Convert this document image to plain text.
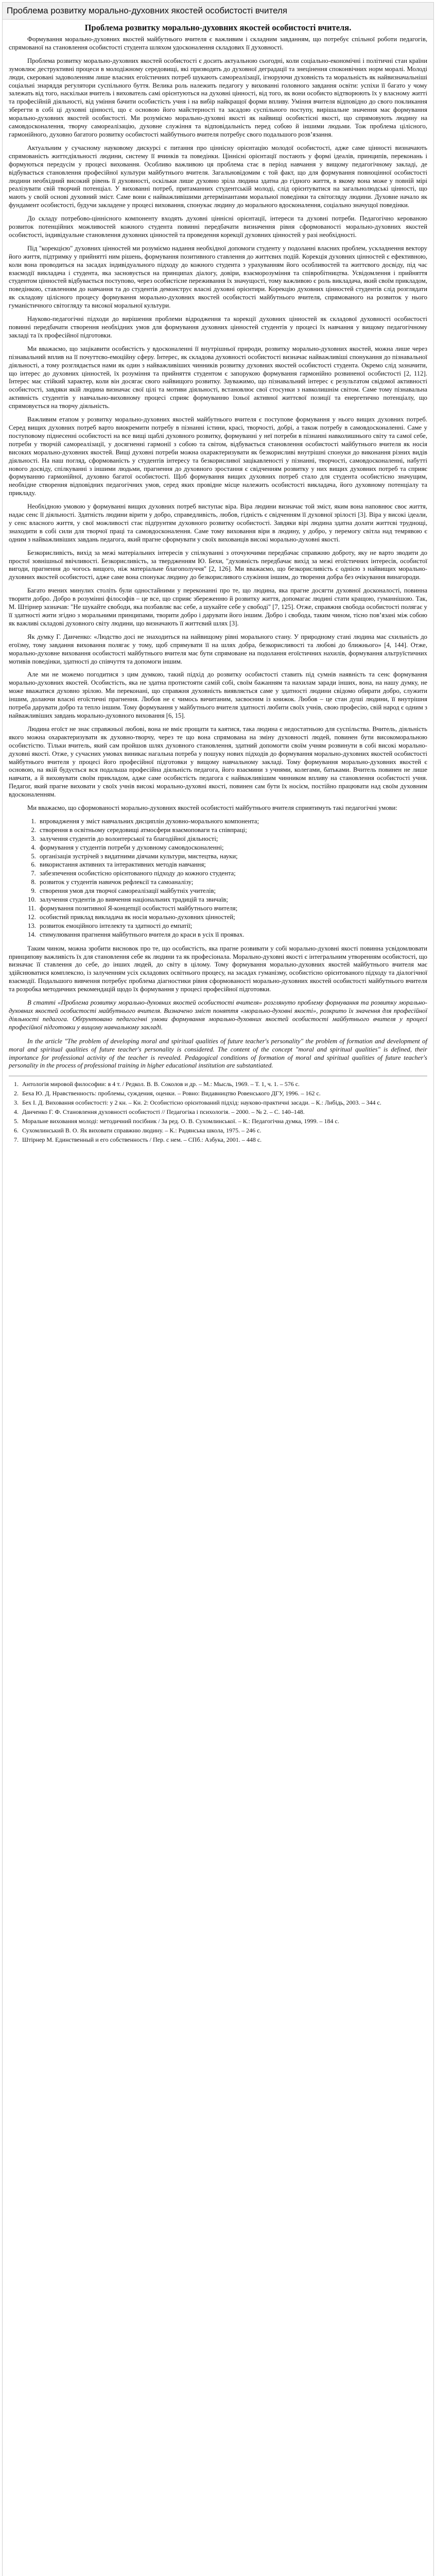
Проблема розвитку морально-духовних якостей особистості вчителя
Проблема розвитку морально-духовних якостей особистості вчителя.

Формування морально-духовних якостей майбутнього вчителя є важливим і складним завданням, що потребує спільної роботи педагогів, спрямованої на становлення особистості студента шляхом удосконалення складових її духовності.

Проблема розвитку морально-духовних якостей особистості є досить актуальною сьогодні, коли соціально-економічні і політичні стан країни зумовлює деструктивні процеси в молодіжному середовищі, які призводять до духовної деградації та знецінення споконвічних норм моралі. Молоді люди, скеровані задоволенням лише власних егоїстичних потреб шукають самореалізації, ігноруючи духовність та моральність як найвизначальніші соціальні знаряддя регулятори суспільного буття. Велика роль належить педагогу у вихованні головного завдання освіти: успіхи її багато у чому залежать від того, наскільки вчитель і вихователь самі орієнтуються на духовні цінності, від того, як вони особисто відтворюють їх у власному житті та професійній діяльності, від уміння бачити особистість учня і на вибір найкращої форми впливу. Уміння вчителя відповідно до свого покликання зберегти в собі ці духовні цінності, що є основою його майстерності та засадою суспільного поступу, вирішальне значення має формування морально-духовних якостей особистості. Ми розуміємо морально-духовні якості як найвищі особистісні якості, що спрямовують людину на самовдосконалення, творчу самореалізацію, духовне служіння та відповідальність перед собою й іншими людьми. Тож проблема цілісного, гармонійного, духовно багатого розвитку особистості майбутнього вчителя потребує свого подальшого розв’язання.

Актуальним у сучасному науковому дискурсі є питання про ціннісну орієнтацію молодої особистості, адже саме цінності визначають спрямованість життєдіяльності людини, систему її вчинків та поведінки. Ціннісні орієнтації постають у формі ідеалів, принципів, переконань і формуються передусім у процесі виховання. Особливо важливою ця проблема стає в період навчання у вищому педагогічному закладі, де відбувається становлення професійної культури майбутнього вчителя. Загальновідомим є той факт, що для формування повноцінної особистості людини необхідний високий рівень її духовності, оскільки лише духовно зріла людина здатна до гідного життя, в якому вона може у повній мірі реалізувати свій творчий потенціал. У вихованні потреб, притаманних студентській молоді, слід орієнтуватися на загальнолюдські цінності, що мають у своїй основі духовний зміст. Саме вони є найважливішими детермінантами моральної поведінки та світогляду людини. Духовне начало як фундамент особистості, будучи закладене у процесі виховання, спонукає людину до морального вдосконалення, соціально значущої поведінки.

До складу потребово-ціннісного компоненту входять духовні ціннісні орієнтації, інтереси та духовні потреби. Педагогічно керованою розвиток потенційних можливостей кожного студента повинні передбачати визначення рівня сформованості морально-духовних якостей особистості, індивідуальне становлення духовних цінностей та проведення корекції духовних цінностей у разі необхідності.

Під "корекцією" духовних цінностей ми розуміємо надання необхідної допомоги студенту у подоланні власних проблем, ускладнення вектору його життя, підтримку у прийнятті ним рішень, формування позитивного ставлення до життєвих подій. Корекція духовних цінностей є ефективною, коли вона проводиться на засадах індивідуального підходу до кожного студента з урахуванням його особливостей та життєвого досвіду, під час взаємодії викладача і студента, яка засновується на принципах діалогу, довіри, взаєморозуміння та співробітництва. Усвідомлення і прийняття студентом цінностей відбувається поступово, через особистісне переживання їх значущості, тому важливою є роль викладача, який своїм прикладом, поведінкою, ставленням до навчання та до студентів демонструє власні духовні орієнтири. Корекцію духовних цінностей студентів слід розглядати як складову цілісного процесу формування морально-духовних якостей особистості майбутнього вчителя, спрямованого на розвиток у нього гуманістичного світогляду та високої моральної культури.

Науково-педагогічні підходи до вирішення проблеми відродження та корекції духовних цінностей як складової духовності особистості повинні передбачати створення необхідних умов для формування духовних цінностей студентів у процесі їх навчання у вищому педагогічному закладі та їх професійної підготовки.

Ми вважаємо, що зацікавити особистість у вдосконаленні її внутрішньої природи, розвитку морально-духовних якостей, можна лише через пізнавальний вплив на її почуттєво-емоційну сферу. Інтерес, як складова духовності особистості визначає найважливіші спонукання до пізнавальної діяльності, а тому розглядається нами як один з найважливіших чинників розвитку духовних якостей особистості студента. Окремо слід зазначити, що інтерес до духовних цінностей, їх розуміння та прийняття студентом є запорукою формування гармонійно розвиненої особистості [2, 112]. Інтерес має стійкий характер, коли він досягає свого найвищого розвитку. Зауважимо, що пізнавальний інтерес є результатом свідомої активності особистості, завдяки якій людина визначає свої цілі та мотиви діяльності, встановлює свої стосунки з навколишнім світом. Саме тому пізнавальна активність студентів у навчально-виховному процесі сприяє формуванню їхньої активної життєвої позиції та енергетично потенціалу, що спрямовується на творчу діяльність.

Важливим етапом у розвитку морально-духовних якостей майбутнього вчителя є поступове формування у нього вищих духовних потреб. Серед вищих духовних потреб варто виокремити потребу в пізнанні істини, красі, творчості, добрі, а також потребу в самовдосконаленні. Саме у поступовому піднесенні особистості на все вищі щаблі духовного розвитку, формуванні у неї потреби в пізнанні навколишнього світу та самої себе, потреби у творчій самореалізації, у досягненні гармонії з собою та світом, відбувається становлення особистості майбутнього вчителя як носія високих морально-духовних якостей. Вищі духовні потреби можна охарактеризувати як безкорисливі внутрішні спонуки до виконання різних видів діяльності. На наш погляд, сформованість у студентів інтересу та безкорисливої зацікавленості у пізнанні, творчості, самовдосконаленні, набутті нового досвіду, спілкуванні з іншими людьми, прагнення до духовного зростання є свідченням розвитку у них вищих духовних потреб та сприяє формуванню гармонійної, духовно багатої особистості. Щоб формування вищих духовних потреб стало для студента особистісно значущим, необхідне створення відповідних педагогічних умов, серед яких провідне місце належить особистості викладача, його духовному потенціалу та прикладу.

Необхідною умовою у формуванні вищих духовних потреб виступає віра. Віра людини визначає той зміст, яким вона наповнює своє життя, надає сенс її діяльності. Здатність людини вірити у добро, справедливість, любов, гідність є свідченням її духовної зрілості [3]. Віра у високі ідеали, у сенс власного життя, у свої можливості стає підґрунтям духовного розвитку особистості. Завдяки вірі людина здатна долати життєві труднощі, знаходити в собі сили для творчої праці та самовдосконалення. Саме тому виховання віри в людину, у добро, у перемогу світла над темрявою є одним з найважливіших завдань педагога, який прагне сформувати у своїх вихованців високі морально-духовні якості.

Безкорисливість, вихід за межі матеріальних інтересів у спілкуванні з оточуючими передбачає справжню доброту, яку не варто зводити до простої зовнішньої ввічливості. Безкорисливість, за твердженням Ю. Бехи, "духовність передбачає вихід за межі егоїстичних інтересів, особистої вигоди, прагнення до чогось вищого, ніж матеріальне благополуччя" [2, 126]. Ми вважаємо, що безкорисливість є однією з найвищих морально-духовних якостей особистості, адже саме вона спонукає людину до безкорисливого служіння іншим, до творення добра без очікування винагороди.

Багато вчених минулих століть були одностайними у переконанні про те, що людина, яка прагне досягти духовної досконалості, повинна творити добро. Добро в розумінні філософів – це все, що сприяє збереженню й розвитку життя, допомагає людині стати кращою, гуманнішою. Так, М. Штірнер зазначав: "Не шукайте свободи, яка позбавляє вас себе, а шукайте себе у свободі" [7, 125]. Отже, справжня свобода особистості полягає у її здатності жити згідно з моральними принципами, творити добро і дарувати його іншим. Добро і свобода, таким чином, тісно пов’язані між собою як важливі складові духовного світу людини, що визначають її життєвий шлях [3].

Як думку Г. Данченко: «Людство досі не знаходиться на найвищому рівні морального стану. У природному стані людина має схильність до егоїзму, тому завдання виховання полягає у тому, щоб спрямувати її на шлях добра, безкорисливості та любові до ближнього» [4, 144]. Отже, морально-духовне виховання особистості майбутнього вчителя має бути спрямоване на подолання егоїстичних нахилів, формування альтруїстичних мотивів поведінки, здатності до співчуття та допомоги іншим.

Але ми не можемо погодитися з цим думкою, такий підхід до розвитку особистості ставить під сумнів наявність та сенс формування морально-духовних якостей. Особистість, яка не здатна протистояти самій собі, своїм бажанням та нахилам заради інших, вона, на нашу думку, не може вважатися духовно зрілою. Ми переконані, що справжня духовність виявляється саме у здатності людини свідомо обирати добро, служити іншим, долаючи власні егоїстичні прагнення. Любов не є чимось вичитаним, засвоєним із книжок. Любов – це стан душі людини, її внутрішня потреба дарувати добро та тепло іншим. Тому формування у майбутнього вчителя здатності любити своїх учнів, свою професію, свій народ є одним з найважливіших завдань морально-духовного виховання [6, 15].

Людина егоїст не знає справжньої любові, вона не вміє прощати та каятися, така людина є недостатньою для суспільства. Вчитель, діяльність якого можна охарактеризувати як духовно-творчу, через те що вона спрямована на зміну духовності людей, повинен бути високоморальною особистістю. Тільки вчитель, який сам пройшов шлях духовного становлення, здатний допомогти своїм учням розвинути в собі високі морально-духовні якості. Отже, у сучасних умовах виникає нагальна потреба у пошуку нових підходів до формування морально-духовних якостей особистості майбутнього вчителя у процесі його професійної підготовки у вищому навчальному закладі. Тому формування морально-духовних якостей є основою, на якій будується вся подальша професійна діяльність педагога, його взаємини з учнями, колегами, батьками. Вчитель повинен не лише навчати, а й виховувати своїм прикладом, адже саме особистість педагога є найважливішим чинником впливу на становлення особистості учня. Педагог, який прагне виховати у своїх учнів високі морально-духовні якості, повинен сам бути їх носієм, постійно працювати над своїм духовним вдосконаленням.

Ми вважаємо, що сформованості морально-духовних якостей особистості майбутнього вчителя сприятимуть такі педагогічні умови:

1. впровадження у зміст навчальних дисциплін духовно-морального компонента;
2. створення в освітньому середовищі атмосфери взаємоповаги та співпраці;
3. залучення студентів до волонтерської та благодійної діяльності;
4. формування у студентів потреби у духовному самовдосконаленні;
5. організація зустрічей з видатними діячами культури, мистецтва, науки;
6. використання активних та інтерактивних методів навчання;
7. забезпечення особистісно орієнтованого підходу до кожного студента;
8. розвиток у студентів навичок рефлексії та самоаналізу;
9. створення умов для творчої самореалізації майбутніх учителів;
10. залучення студентів до вивчення національних традицій та звичаїв;
11. формування позитивної Я-концепції особистості майбутнього вчителя;
12. особистий приклад викладача як носія морально-духовних цінностей;
13. розвиток емоційного інтелекту та здатності до емпатії;
14. стимулювання прагнення майбутнього вчителя до краси в усіх її проявах.

Таким чином, можна зробити висновок про те, що особистість, яка прагне розвивати у собі морально-духовні якості повинна усвідомлювати принципову важливість їх для становлення себе як людини та як професіонала. Морально-духовні якості є інтегральним утворенням особистості, що визначає її ставлення до себе, до інших людей, до світу в цілому. Тому формування морально-духовних якостей майбутнього вчителя має здійснюватися комплексно, із залученням усіх складових освітнього процесу, на засадах гуманізму, особистісно орієнтованого підходу та діалогічної взаємодії. Подальшого вивчення потребує проблема діагностики рівня сформованості морально-духовних якостей особистості майбутнього вчителя та розробка методичних рекомендацій щодо їх формування у процесі професійної підготовки.

В статті «Проблема розвитку морально-духовних якостей особистості вчителя» розглянуто проблему формування та розвитку морально-духовних якостей особистості майбутнього вчителя. Визначено зміст поняття «морально-духовні якості», розкрито їх значення для професійної діяльності педагога. Обґрунтовано педагогічні умови формування морально-духовних якостей особистості майбутнього вчителя у процесі професійної підготовки у вищому навчальному закладі.

In the article "The problem of developing moral and spiritual qualities of future teacher's personality" the problem of formation and development of moral and spiritual qualities of future teacher's personality is considered. The content of the concept "moral and spiritual qualities" is defined, their importance for professional activity of the teacher is revealed. Pedagogical conditions of formation of moral and spiritual qualities of future teacher's personality in the process of professional training in higher educational institution are substantiated.

1. Антологія мировой философии: в 4 т. / Редкол. В. В. Соколов и др. – М.: Мысль, 1969. – Т. 1, ч. 1. – 576 с.
2. Беха Ю. Д. Нравственность: проблемы, суждения, оценки. – Ровно: Видавництво Ровенського ДГУ, 1996. – 162 с.
3. Бех І. Д. Виховання особистості: у 2 кн. – Кн. 2: Особистісно орієнтований підхід: науково-практичні засади. – К.: Либідь, 2003. – 344 с.
4. Данченко Г. Ф. Становлення духовності особистості // Педагогіка і психологія. – 2000. – № 2. – С. 140–148.
5. Моральне виховання молоді: методичний посібник / За ред. О. В. Сухомлинської. – К.: Педагогічна думка, 1999. – 184 с.
6. Сухомлинський В. О. Як виховати справжню людину. – К.: Радянська школа, 1975. – 246 с.
7. Штірнер М. Единственный и его собственность / Пер. с нем. – СПб.: Азбука, 2001. – 448 с.
